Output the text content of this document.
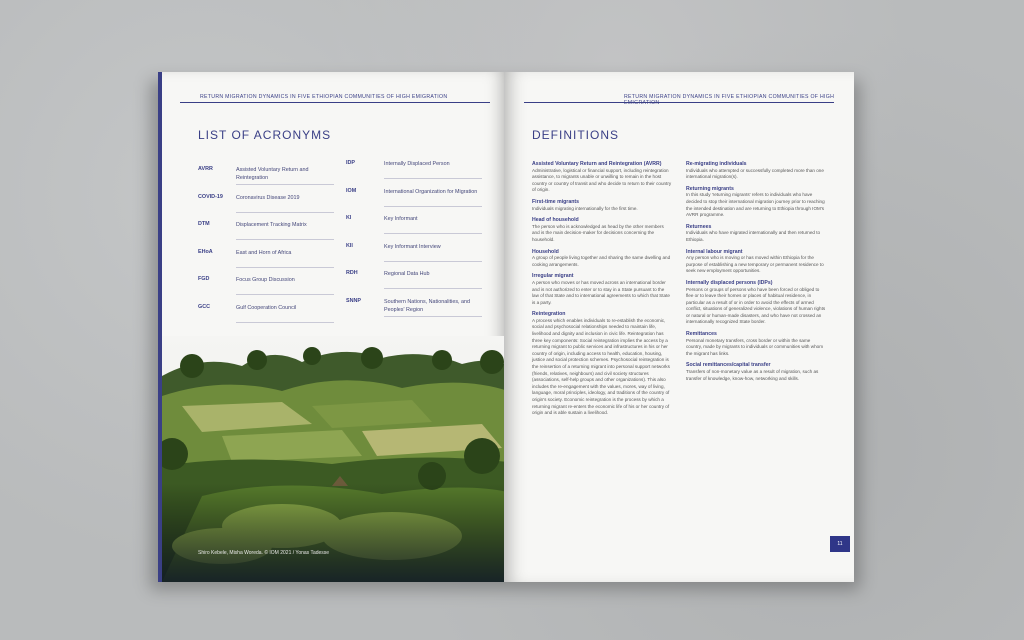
RETURN MIGRATION DYNAMICS IN FIVE ETHIOPIAN COMMUNITIES OF HIGH EMIGRATION
LIST OF ACRONYMS
AVRR	Assisted Voluntary Return and Reintegration
COVID-19	Coronavirus Disease 2019
DTM	Displacement Tracking Matrix
EHoA	East and Horn of Africa
FGD	Focus Group Discussion
GCC	Gulf Cooperation Council
IDP	Internally Displaced Person
IOM	International Organization for Migration
KI	Key Informant
KII	Key Informant Interview
RDH	Regional Data Hub
SNNP	Southern Nations, Nationalities, and Peoples' Region
Shiro Kebele, Misha Woreda. © IOM 2021 / Yonas Tadesse
RETURN MIGRATION DYNAMICS IN FIVE ETHIOPIAN COMMUNITIES OF HIGH EMIGRATION
DEFINITIONS
Assisted Voluntary Return and Reintegration (AVRR)
Administrative, logistical or financial support, including reintegration assistance, to migrants unable or unwilling to remain in the host country or country of transit and who decide to return to their country of origin.
First-time migrants
Individuals migrating internationally for the first time.
Head of household
The person who is acknowledged as head by the other members and is the main decision-maker for decisions concerning the household.
Household
A group of people living together and sharing the same dwelling and cooking arrangements.
Irregular migrant
A person who moves or has moved across an international border and is not authorized to enter or to stay in a State pursuant to the law of that State and to international agreements to which that State is a party.
Reintegration
A process which enables individuals to re-establish the economic, social and psychosocial relationships needed to maintain life, livelihood and dignity and inclusion in civic life. Reintegration has three key components: Social reintegration implies the access by a returning migrant to public services and infrastructures in his or her country of origin, including access to health, education, housing, justice and social protection schemes. Psychosocial reintegration is the reinsertion of a returning migrant into personal support networks (friends, relatives, neighbours) and civil society structures (associations, self-help groups and other organizations). This also includes the re-engagement with the values, mores, way of living, language, moral principles, ideology, and traditions of the country of origin's society. Economic reintegration is the process by which a returning migrant re-enters the economic life of his or her country of origin and is able sustain a livelihood.
Re-migrating individuals
Individuals who attempted or successfully completed more than one international migration(s).
Returning migrants
In this study 'returning migrants' refers to individuals who have decided to stop their international migration journey prior to reaching the intended destination and are returning to Ethiopia through IOM's AVRR programme.
Returnees
Individuals who have migrated internationally and then returned to Ethiopia.
Internal labour migrant
Any person who is moving or has moved within Ethiopia for the purpose of establishing a new temporary or permanent residence to seek new employment opportunities.
Internally displaced persons (IDPs)
Persons or groups of persons who have been forced or obliged to flee or to leave their homes or places of habitual residence, in particular as a result of or in order to avoid the effects of armed conflict, situations of generalized violence, violations of human rights or natural or human-made disasters, and who have not crossed an internationally recognized State border.
Remittances
Personal monetary transfers, cross border or within the same country, made by migrants to individuals or communities with whom the migrant has links.
Social remittances/capital transfer
Transfers of non-monetary value as a result of migration, such as transfer of knowledge, know-how, networking and skills.
11
